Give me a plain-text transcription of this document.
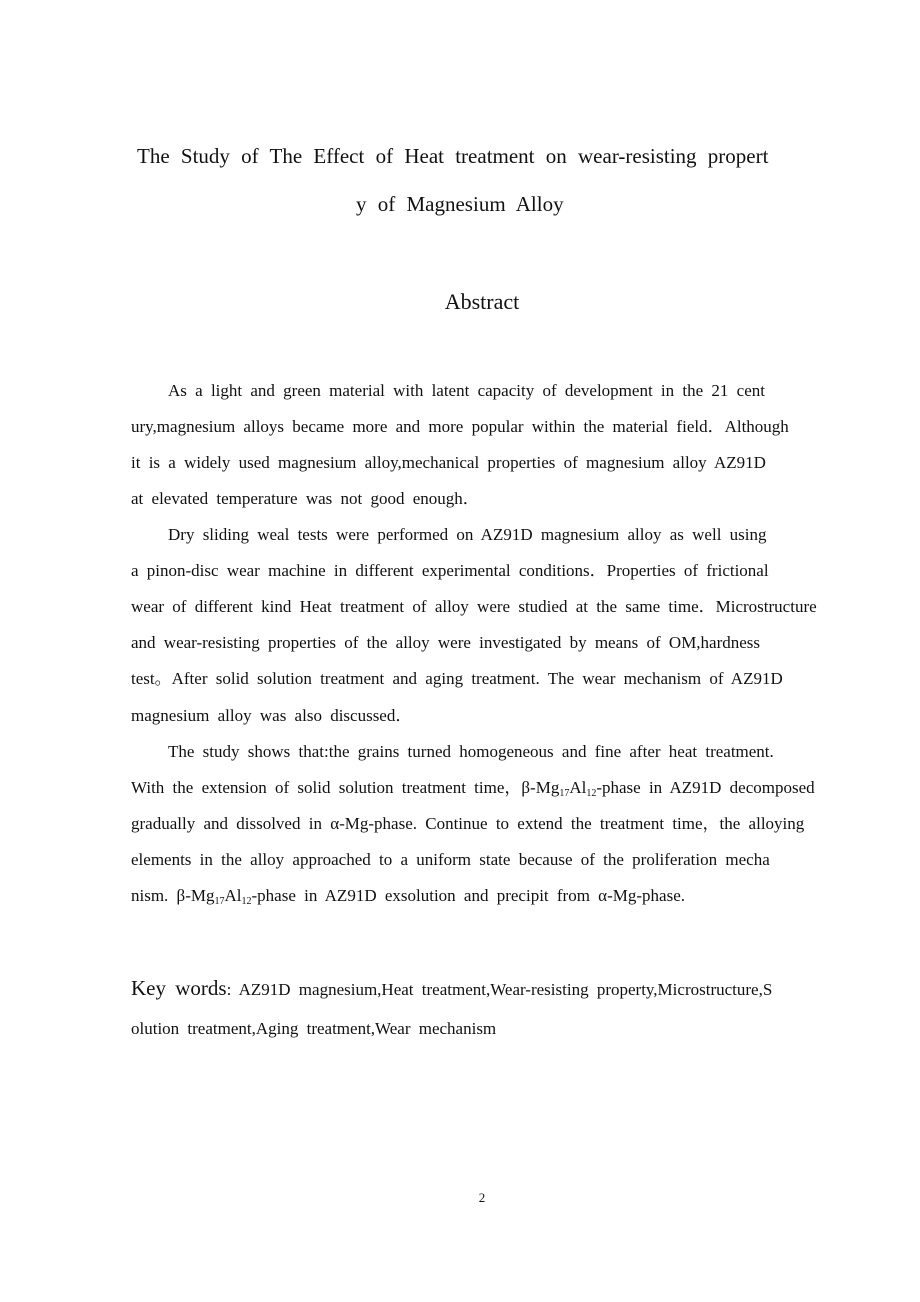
The Study of The Effect of Heat treatment on wear-resisting propert
y of Magnesium Alloy
Abstract
As a light and green material with latent capacity of development in the 21 cent
ury,magnesium alloys became more and more popular within the material field．Although
it is a widely used magnesium alloy,mechanical properties of magnesium alloy AZ91D
at elevated temperature was not good enough．
Dry sliding weal tests were performed on AZ91D magnesium alloy as well using
a pinon-disc wear machine in different experimental conditions．Properties of frictional
wear of different kind Heat treatment of alloy were studied at the same time．Microstructure
and wear-resisting properties of the alloy were investigated by means of OM,hardness
test。After solid solution treatment and aging treatment. The wear mechanism of AZ91D
magnesium alloy was also discussed．
The study shows that:the grains turned homogeneous and fine after heat treatment.
With the extension of solid solution treatment time，$\beta-Mg_{17}Al_{12}$-phase in AZ91D decomposed
gradually and dissolved in α-Mg-phase. Continue to extend the treatment time，the alloying
elements in the alloy approached to a uniform state because of the proliferation mecha
nism. $\beta-Mg_{17}Al_{12}$-phase in AZ91D exsolution and precipit from α-Mg-phase.
Key words: AZ91D magnesium,Heat treatment,Wear-resisting property,Microstructure,S
olution treatment,Aging treatment,Wear mechanism
2
